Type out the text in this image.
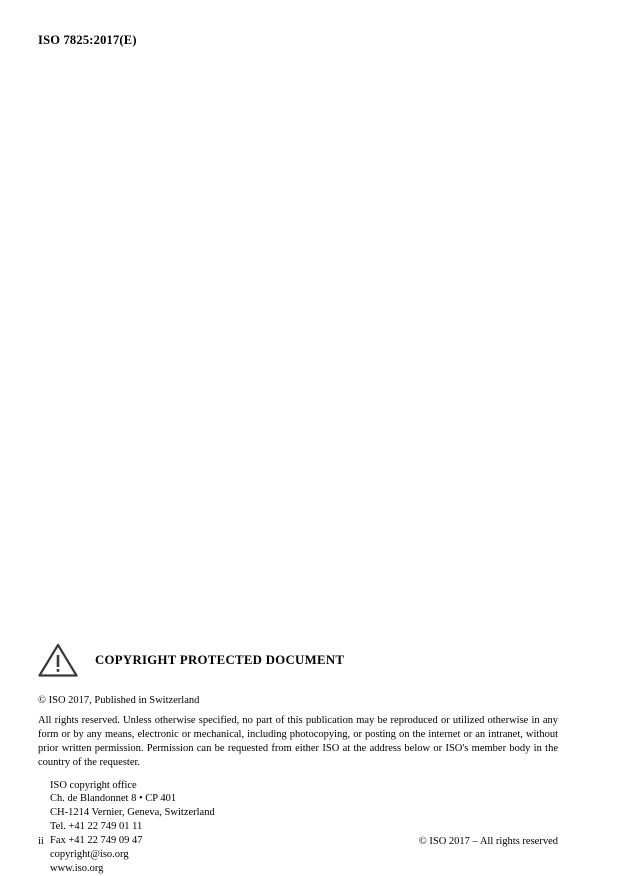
ISO 7825:2017(E)
COPYRIGHT PROTECTED DOCUMENT
© ISO 2017, Published in Switzerland
All rights reserved. Unless otherwise specified, no part of this publication may be reproduced or utilized otherwise in any form or by any means, electronic or mechanical, including photocopying, or posting on the internet or an intranet, without prior written permission. Permission can be requested from either ISO at the address below or ISO's member body in the country of the requester.
ISO copyright office
Ch. de Blandonnet 8 • CP 401
CH-1214 Vernier, Geneva, Switzerland
Tel. +41 22 749 01 11
Fax +41 22 749 09 47
copyright@iso.org
www.iso.org
ii	© ISO 2017 – All rights reserved
